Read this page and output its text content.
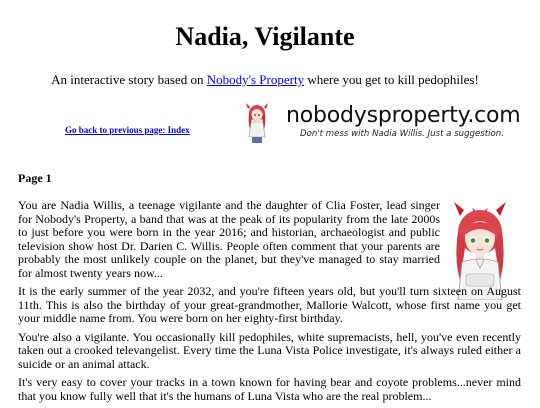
Nadia, Vigilante
An interactive story based on Nobody's Property where you get to kill pedophiles!
Go back to previous page: Index
nobodysproperty.com
Don't mess with Nadia Willis. Just a suggestion.
Page 1

You are Nadia Willis, a teenage vigilante and the daughter of Clia Foster, lead singer for Nobody's Property, a band that was at the peak of its popularity from the late 2000s to just before you were born in the year 2016; and historian, archaeologist and public television show host Dr. Darien C. Willis. People often comment that your parents are probably the most unlikely couple on the planet, but they've managed to stay married for almost twenty years now...

It is the early summer of the year 2032, and you're fifteen years old, but you'll turn sixteen on August 11th. This is also the birthday of your great-grandmother, Mallorie Walcott, whose first name you get your middle name from. You were born on her eighty-first birthday.

You're also a vigilante. You occasionally kill pedophiles, white supremacists, hell, you've even recently taken out a crooked televangelist. Every time the Luna Vista Police investigate, it's always ruled either a suicide or an animal attack.

It's very easy to cover your tracks in a town known for having bear and coyote problems...never mind that you know fully well that it's the humans of Luna Vista who are the real problem...
